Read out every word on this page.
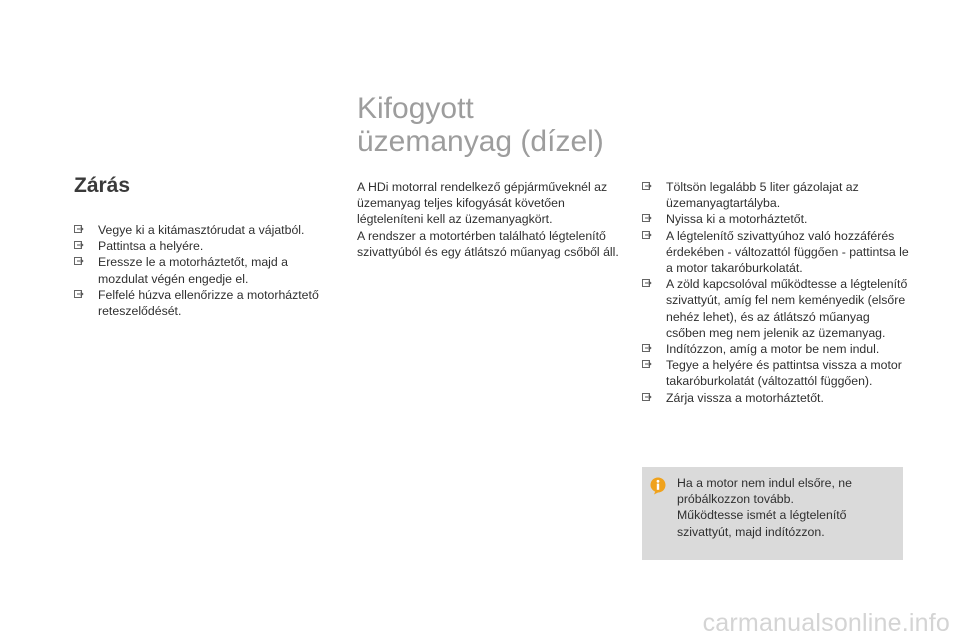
Kifogyott
üzemanyag (dízel)
Zárás
Vegye ki a kitámasztórudat a vájatból.
Pattintsa a helyére.
Eressze le a motorháztetőt, majd a mozdulat végén engedje el.
Felfelé húzva ellenőrizze a motorháztető reteszelődését.

A HDi motorral rendelkező gépjárműveknél az üzemanyag teljes kifogyását követően légteleníteni kell az üzemanyagkört.

A rendszer a motortérben található légtelenítő szivattyúból és egy átlátszó műanyag csőből áll.

Töltsön legalább 5 liter gázolajat az üzemanyagtartályba.
Nyissa ki a motorháztetőt.
A légtelenítő szivattyúhoz való hozzáférés érdekében - változattól függően - pattintsa le a motor takaróburkolatát.
A zöld kapcsolóval működtesse a légtelenítő szivattyút, amíg fel nem keményedik (elsőre nehéz lehet), és az átlátszó műanyag csőben meg nem jelenik az üzemanyag.
Indítózzon, amíg a motor be nem indul.
Tegye a helyére és pattintsa vissza a motor takaróburkolatát (változattól függően).
Zárja vissza a motorháztetőt.

Ha a motor nem indul elsőre, ne próbálkozzon tovább.

Működtesse ismét a légtelenítő szivattyút, majd indítózzon.

carmanualsonline.info
